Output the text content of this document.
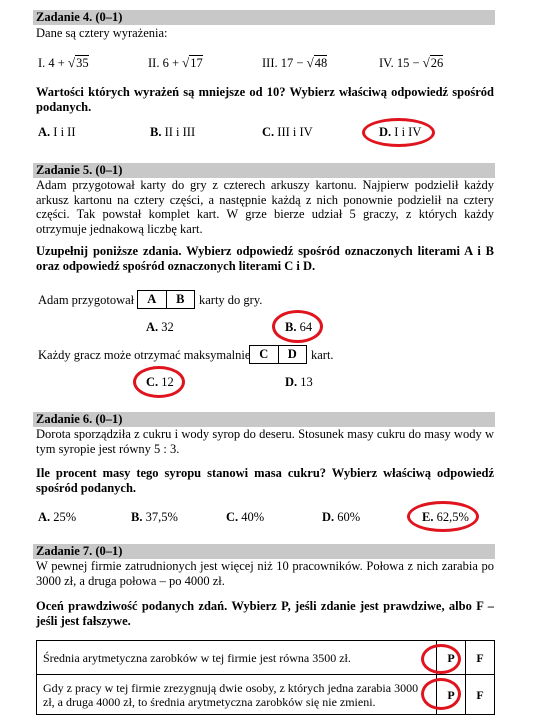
Zadanie 4. (0–1)
Dane są cztery wyrażenia:
I. 4 + √35	II. 6 + √17	III. 17 − √48	IV. 15 − √26
Wartości których wyrażeń są mniejsze od 10? Wybierz właściwą odpowiedź spośród podanych.
A. I i II	B. II i III	C. III i IV	D. I i IV
Zadanie 5. (0–1)
Adam przygotował karty do gry z czterech arkuszy kartonu. Najpierw podzielił każdy arkusz kartonu na cztery części, a następnie każdą z nich ponownie podzielił na cztery części. Tak powstał komplet kart. W grze bierze udział 5 graczy, z których każdy otrzymuje jednakową liczbę kart.
Uzupełnij poniższe zdania. Wybierz odpowiedź spośród oznaczonych literami A i B oraz odpowiedź spośród oznaczonych literami C i D.
Adam przygotował	A	B	karty do gry.
A. 32	B. 64
Każdy gracz może otrzymać maksymalnie C	D	kart.
C. 12	D. 13
Zadanie 6. (0–1)
Dorota sporządziła z cukru i wody syrop do deseru. Stosunek masy cukru do masy wody w tym syropie jest równy 5 : 3.
Ile procent masy tego syropu stanowi masa cukru? Wybierz właściwą odpowiedź spośród podanych.
A. 25%	B. 37,5%	C. 40%	D. 60%	E. 62,5%
Zadanie 7. (0–1)
W pewnej firmie zatrudnionych jest więcej niż 10 pracowników. Połowa z nich zarabia po 3000 zł, a druga połowa – po 4000 zł.
Oceń prawdziwość podanych zdań. Wybierz P, jeśli zdanie jest prawdziwe, albo F – jeśli jest fałszywe.
Średnia arytmetyczna zarobków w tej firmie jest równa 3500 zł.	P	F
Gdy z pracy w tej firmie zrezygnują dwie osoby, z których jedna zarabia 3000 zł, a druga 4000 zł, to średnia arytmetyczna zarobków się nie zmieni.	P	F
